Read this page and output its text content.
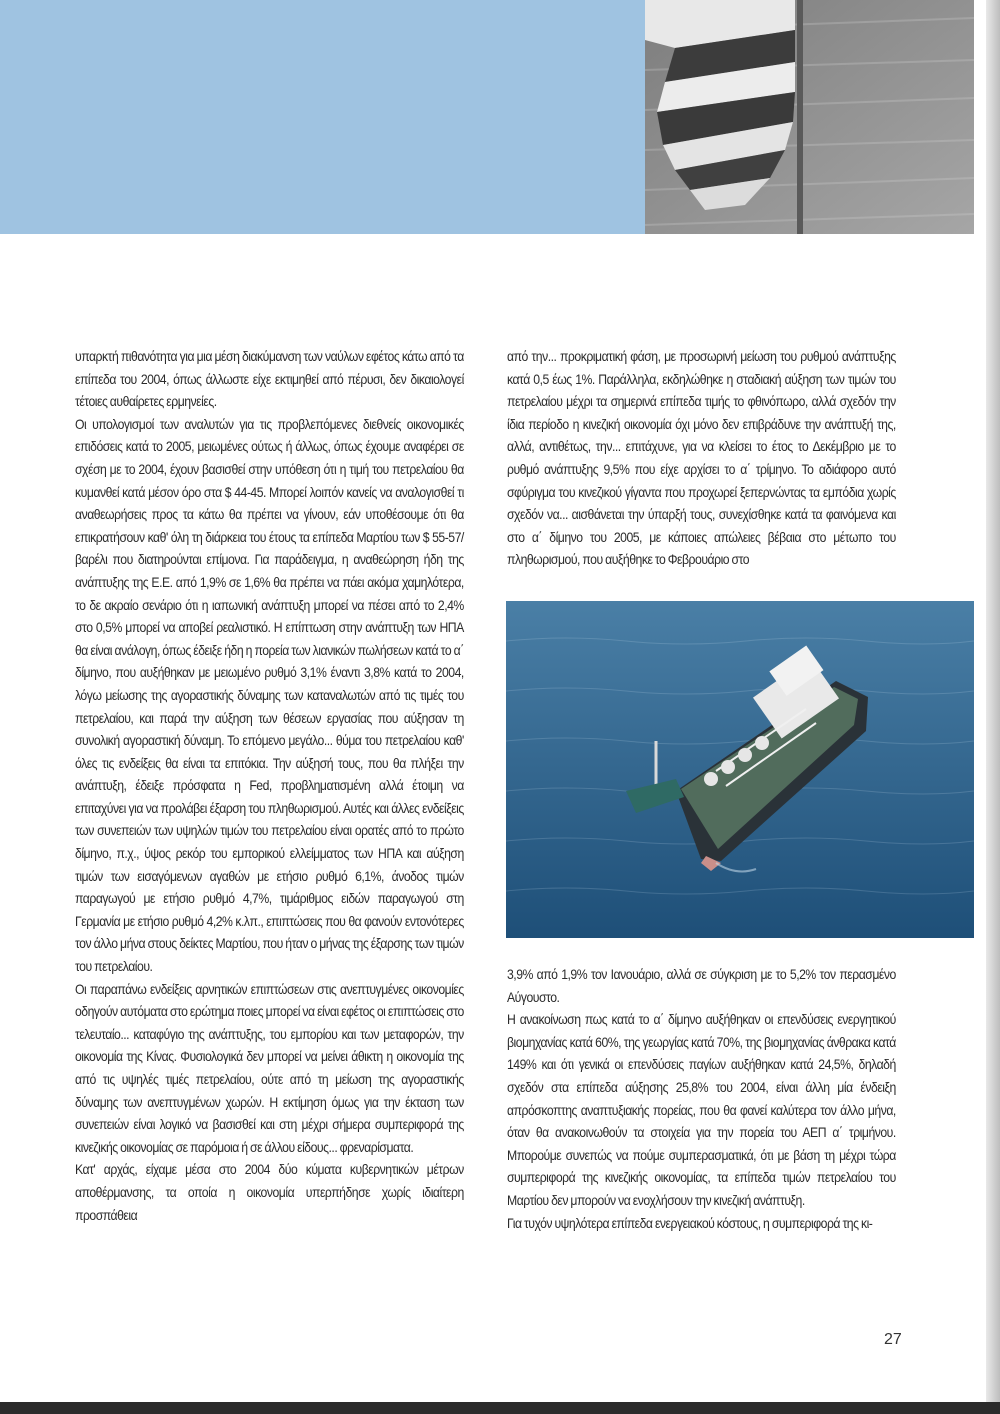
υπαρκτή πιθανότητα για μια μέση διακύμανση των ναύλων εφέτος κάτω από τα επίπεδα του 2004, όπως άλλωστε είχε εκτιμηθεί από πέρυσι, δεν δικαιολογεί τέτοιες αυθαίρετες ερμηνείες.

Οι υπολογισμοί των αναλυτών για τις προβλεπόμενες διεθνείς οικονομικές επιδόσεις κατά το 2005, μειωμένες ούτως ή άλλως, όπως έχουμε αναφέρει σε σχέση με το 2004, έχουν βασισθεί στην υπόθεση ότι η τιμή του πετρελαίου θα κυμανθεί κατά μέσον όρο στα $ 44-45. Μπορεί λοιπόν κανείς να αναλογισθεί τι αναθεωρήσεις προς τα κάτω θα πρέπει να γίνουν, εάν υποθέσουμε ότι θα επικρατήσουν καθ' όλη τη διάρκεια του έτους τα επίπεδα Μαρτίου των $ 55-57/βαρέλι που διατηρούνται επίμονα. Για παράδειγμα, η αναθεώρηση ήδη της ανάπτυξης της Ε.Ε. από 1,9% σε 1,6% θα πρέπει να πάει ακόμα χαμηλότερα, το δε ακραίο σενάριο ότι η ιαπωνική ανάπτυξη μπορεί να πέσει από το 2,4% στο 0,5% μπορεί να αποβεί ρεαλιστικό. Η επίπτωση στην ανάπτυξη των ΗΠΑ θα είναι ανάλογη, όπως έδειξε ήδη η πορεία των λιανικών πωλήσεων κατά το α΄ δίμηνο, που αυξήθηκαν με μειωμένο ρυθμό 3,1% έναντι 3,8% κατά το 2004, λόγω μείωσης της αγοραστικής δύναμης των καταναλωτών από τις τιμές του πετρελαίου, και παρά την αύξηση των θέσεων εργασίας που αύξησαν τη συνολική αγοραστική δύναμη. Το επόμενο μεγάλο... θύμα του πετρελαίου καθ' όλες τις ενδείξεις θα είναι τα επιτόκια. Την αύξησή τους, που θα πλήξει την ανάπτυξη, έδειξε πρόσφατα η Fed, προβληματισμένη αλλά έτοιμη να επιταχύνει για να προλάβει έξαρση του πληθωρισμού. Αυτές και άλλες ενδείξεις των συνεπειών των υψηλών τιμών του πετρελαίου είναι ορατές από το πρώτο δίμηνο, π.χ., ύψος ρεκόρ του εμπορικού ελλείμματος των ΗΠΑ και αύξηση τιμών των εισαγόμενων αγαθών με ετήσιο ρυθμό 6,1%, άνοδος τιμών παραγωγού με ετήσιο ρυθμό 4,7%, τιμάριθμος ειδών παραγωγού στη Γερμανία με ετήσιο ρυθμό 4,2% κ.λπ., επιπτώσεις που θα φανούν εντονότερες τον άλλο μήνα στους δείκτες Μαρτίου, που ήταν ο μήνας της έξαρσης των τιμών του πετρελαίου.

Οι παραπάνω ενδείξεις αρνητικών επιπτώσεων στις ανεπτυγμένες οικονομίες οδηγούν αυτόματα στο ερώτημα ποιες μπορεί να είναι εφέτος οι επιπτώσεις στο τελευταίο... καταφύγιο της ανάπτυξης, του εμπορίου και των μεταφορών, την οικονομία της Κίνας. Φυσιολογικά δεν μπορεί να μείνει άθικτη η οικονομία της από τις υψηλές τιμές πετρελαίου, ούτε από τη μείωση της αγοραστικής δύναμης των ανεπτυγμένων χωρών. Η εκτίμηση όμως για την έκταση των συνεπειών είναι λογικό να βασισθεί και στη μέχρι σήμερα συμπεριφορά της κινεζικής οικονομίας σε παρόμοια ή σε άλλου είδους... φρεναρίσματα.

Κατ' αρχάς, είχαμε μέσα στο 2004 δύο κύματα κυβερνητικών μέτρων αποθέρμανσης, τα οποία η οικονομία υπερπήδησε χωρίς ιδιαίτερη προσπάθεια

από την... προκριματική φάση, με προσωρινή μείωση του ρυθμού ανάπτυξης κατά 0,5 έως 1%. Παράλληλα, εκδηλώθηκε η σταδιακή αύξηση των τιμών του πετρελαίου μέχρι τα σημερινά επίπεδα τιμής το φθινόπωρο, αλλά σχεδόν την ίδια περίοδο η κινεζική οικονομία όχι μόνο δεν επιβράδυνε την ανάπτυξή της, αλλά, αντιθέτως, την... επιτάχυνε, για να κλείσει το έτος το Δεκέμβριο με το ρυθμό ανάπτυξης 9,5% που είχε αρχίσει το α΄ τρίμηνο. Το αδιάφορο αυτό σφύριγμα του κινεζικού γίγαντα που προχωρεί ξεπερνώντας τα εμπόδια χωρίς σχεδόν να... αισθάνεται την ύπαρξή τους, συνεχίσθηκε κατά τα φαινόμενα και στο α΄ δίμηνο του 2005, με κάποιες απώλειες βέβαια στο μέτωπο του πληθωρισμού, που αυξήθηκε το Φεβρουάριο στο

3,9% από 1,9% τον Ιανουάριο, αλλά σε σύγκριση με το 5,2% τον περασμένο Αύγουστο.

Η ανακοίνωση πως κατά το α΄ δίμηνο αυξήθηκαν οι επενδύσεις ενεργητικού βιομηχανίας κατά 60%, της γεωργίας κατά 70%, της βιομηχανίας άνθρακα κατά 149% και ότι γενικά οι επενδύσεις παγίων αυξήθηκαν κατά 24,5%, δηλαδή σχεδόν στα επίπεδα αύξησης 25,8% του 2004, είναι άλλη μία ένδειξη απρόσκοπτης αναπτυξιακής πορείας, που θα φανεί καλύτερα τον άλλο μήνα, όταν θα ανακοινωθούν τα στοιχεία για την πορεία του ΑΕΠ α΄ τριμήνου. Μπορούμε συνεπώς να πούμε συμπερασματικά, ότι με βάση τη μέχρι τώρα συμπεριφορά της κινεζικής οικονομίας, τα επίπεδα τιμών πετρελαίου του Μαρτίου δεν μπορούν να ενοχλήσουν την κινεζική ανάπτυξη.

Για τυχόν υψηλότερα επίπεδα ενεργειακού κόστους, η συμπεριφορά της κι-

27
